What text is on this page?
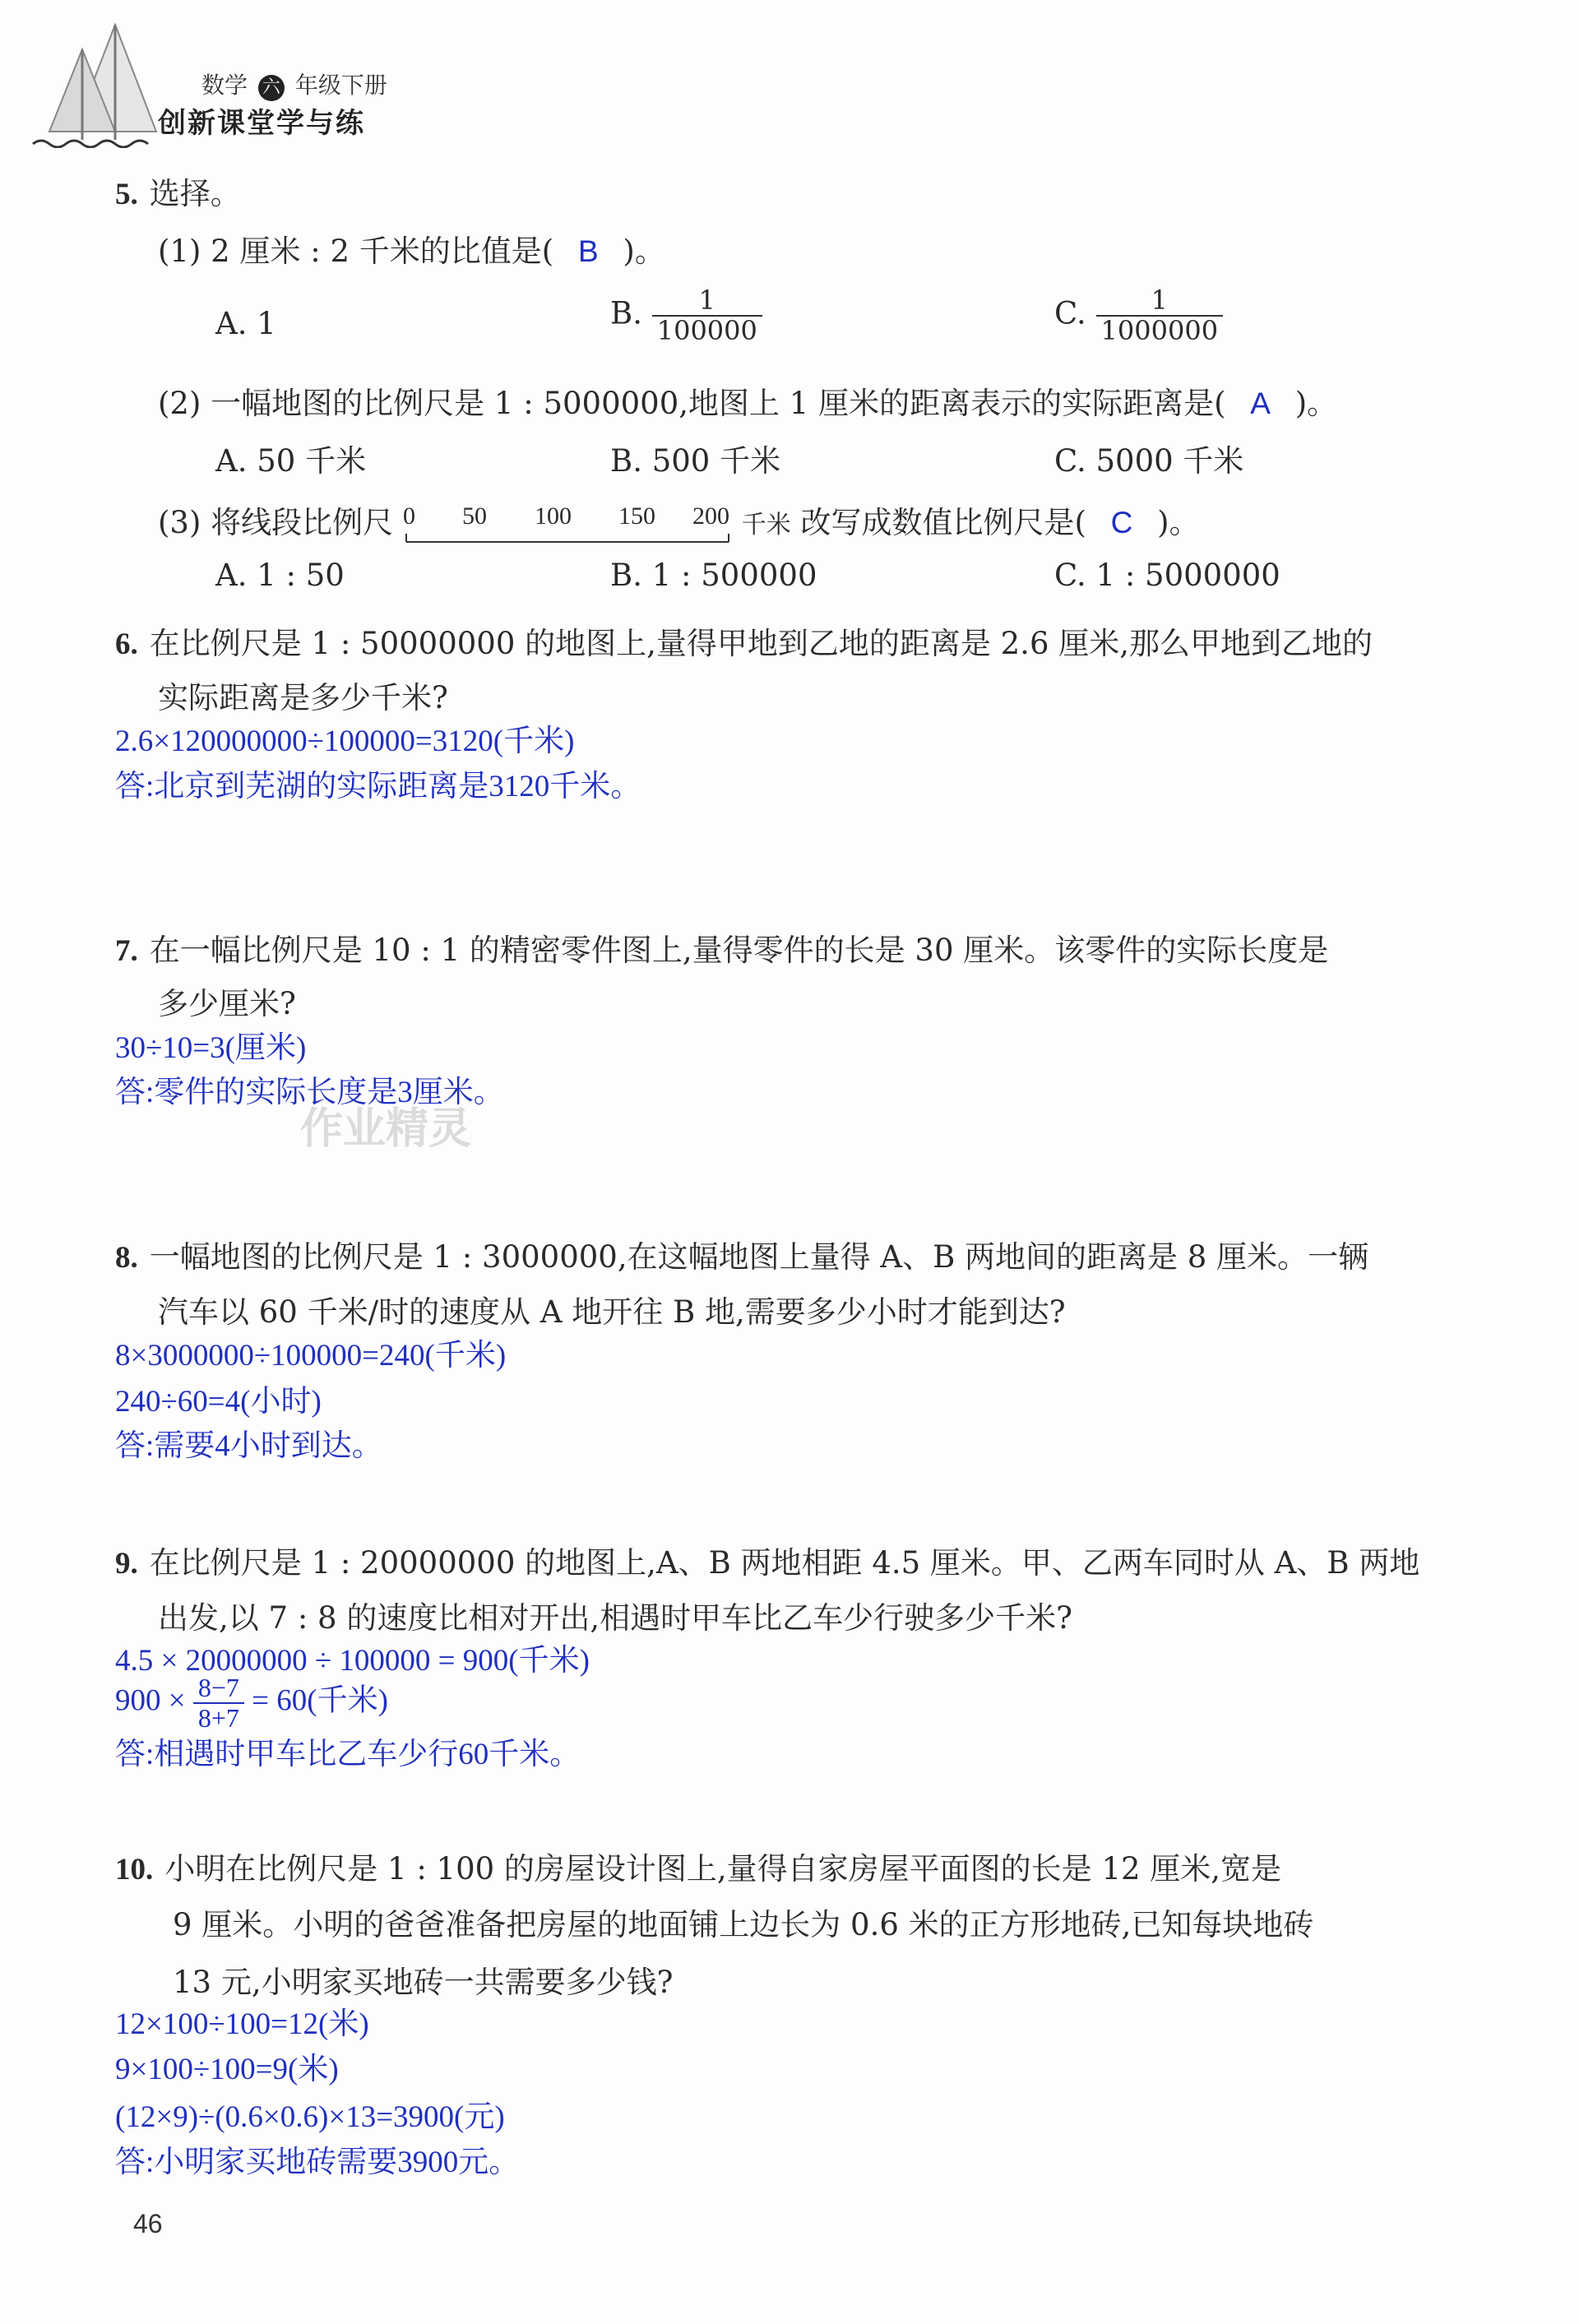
数学 六 年级下册
创新课堂学与练
5. 选择。
(1) 2 厘米 : 2 千米的比值是( B )。
A. 1	B. $\frac{1}{100000}$	C. $\frac{1}{1000000}$
(2) 一幅地图的比例尺是 1 : 5000000,地图上 1 厘米的距离表示的实际距离是( A )。
A. 50 千米	B. 500 千米	C. 5000 千米
(3) 将线段比例尺 0 50 100 150 200 千米 改写成数值比例尺是( C )。
A. 1 : 50	B. 1 : 500000	C. 1 : 5000000
6. 在比例尺是 1 : 50000000 的地图上,量得甲地到乙地的距离是 2.6 厘米,那么甲地到乙地的
实际距离是多少千米?
2.6×120000000÷100000=3120(千米)
答:北京到芜湖的实际距离是3120千米。
7. 在一幅比例尺是 10 : 1 的精密零件图上,量得零件的长是 30 厘米。该零件的实际长度是
多少厘米?
30÷10=3(厘米)
答:零件的实际长度是3厘米。
作业精灵
8. 一幅地图的比例尺是 1 : 3000000,在这幅地图上量得 A、B 两地间的距离是 8 厘米。一辆
汽车以 60 千米/时的速度从 A 地开往 B 地,需要多少小时才能到达?
8×3000000÷100000=240(千米)
240÷60=4(小时)
答:需要4小时到达。
9. 在比例尺是 1 : 20000000 的地图上,A、B 两地相距 4.5 厘米。甲、乙两车同时从 A、B 两地
出发,以 7 : 8 的速度比相对开出,相遇时甲车比乙车少行驶多少千米?
4.5 × 20000000 ÷ 100000 = 900(千米)
$900 \times \frac{8-7}{8+7} = 60$(千米)
答:相遇时甲车比乙车少行60千米。
10. 小明在比例尺是 1 : 100 的房屋设计图上,量得自家房屋平面图的长是 12 厘米,宽是
9 厘米。小明的爸爸准备把房屋的地面铺上边长为 0.6 米的正方形地砖,已知每块地砖
13 元,小明家买地砖一共需要多少钱?
12×100÷100=12(米)
9×100÷100=9(米)
(12×9)÷(0.6×0.6)×13=3900(元)
答:小明家买地砖需要3900元。
46
